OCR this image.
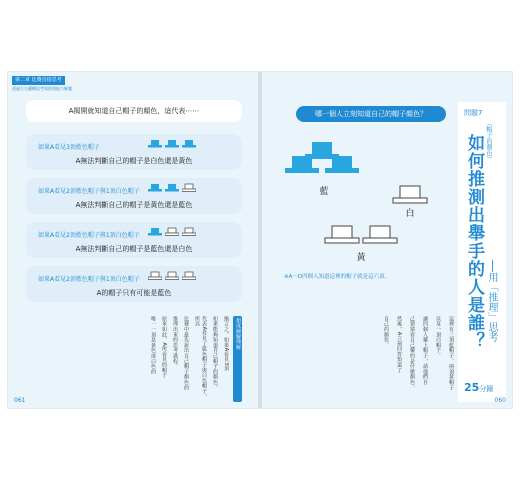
第二章 比賽直接思考
透過左右邏輯思考與推理能力解題
A揭開就知道自己帽子的顏色，這代表⋯⋯
如果A看見3頂藍色帽子
A無法判斷自己的帽子是白色還是黃色
如果A看見2頂藍色帽子與1頂白色帽子
A無法判斷自己的帽子是黃色還是藍色
如果A看見2頂藍色帽子與1頂白色帽子
A無法判斷自己的帽子是藍色還是白色
如果A看見2頂藍色帽子與1頂白色帽子
A的帽子只有可能是藍色
想成圖解理解
換言之，如果A看見3頂
如果能夠知道自己帽子的顏色，
代表A看見了藍色帽子與白色帽子，所以
比賽中最先說出自己帽子顏色的
推理出來的思考過程。
原來如此，A所看見的帽子
唯一一頂是黃色或白色的
061
哪一個人立刻知道自己的帽子顏色？
藍
白
黃
※A～D四個人知道這裡的帽子就是這六頂。
這裡有三頂藍帽子、兩頂黃帽子
以及一頂白帽子。
讓四個人戴上帽子，請他們自
己猜猜看自己戴的是什麼顏色。
然後，A立刻回答知道了
自己的顏色。
問題7
（帽子的顏色）
如何推測出舉手的人是誰？ ──用「推理」思考
25分鐘
060
